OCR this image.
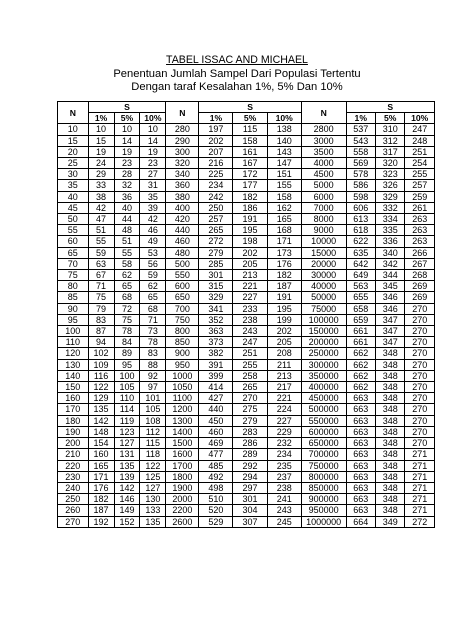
TABEL ISSAC AND MICHAEL
Penentuan Jumlah Sampel Dari Populasi Tertentu
Dengan taraf Kesalahan 1%, 5% Dan 10%
N	S			N	S			N	S		
	1%	5%	10%		1%	5%	10%		1%	5%	10%
10	10	10	10	280	197	115	138	2800	537	310	247
15	15	14	14	290	202	158	140	3000	543	312	248
20	19	19	19	300	207	161	143	3500	558	317	251
25	24	23	23	320	216	167	147	4000	569	320	254
30	29	28	27	340	225	172	151	4500	578	323	255
35	33	32	31	360	234	177	155	5000	586	326	257
40	38	36	35	380	242	182	158	6000	598	329	259
45	42	40	39	400	250	186	162	7000	606	332	261
50	47	44	42	420	257	191	165	8000	613	334	263
55	51	48	46	440	265	195	168	9000	618	335	263
60	55	51	49	460	272	198	171	10000	622	336	263
65	59	55	53	480	279	202	173	15000	635	340	266
70	63	58	56	500	285	205	176	20000	642	342	267
75	67	62	59	550	301	213	182	30000	649	344	268
80	71	65	62	600	315	221	187	40000	563	345	269
85	75	68	65	650	329	227	191	50000	655	346	269
90	79	72	68	700	341	233	195	75000	658	346	270
95	83	75	71	750	352	238	199	100000	659	347	270
100	87	78	73	800	363	243	202	150000	661	347	270
110	94	84	78	850	373	247	205	200000	661	347	270
120	102	89	83	900	382	251	208	250000	662	348	270
130	109	95	88	950	391	255	211	300000	662	348	270
140	116	100	92	1000	399	258	213	350000	662	348	270
150	122	105	97	1050	414	265	217	400000	662	348	270
160	129	110	101	1100	427	270	221	450000	663	348	270
170	135	114	105	1200	440	275	224	500000	663	348	270
180	142	119	108	1300	450	279	227	550000	663	348	270
190	148	123	112	1400	460	283	229	600000	663	348	270
200	154	127	115	1500	469	286	232	650000	663	348	270
210	160	131	118	1600	477	289	234	700000	663	348	271
220	165	135	122	1700	485	292	235	750000	663	348	271
230	171	139	125	1800	492	294	237	800000	663	348	271
240	176	142	127	1900	498	297	238	850000	663	348	271
250	182	146	130	2000	510	301	241	900000	663	348	271
260	187	149	133	2200	520	304	243	950000	663	348	271
270	192	152	135	2600	529	307	245	1000000	664	349	272
